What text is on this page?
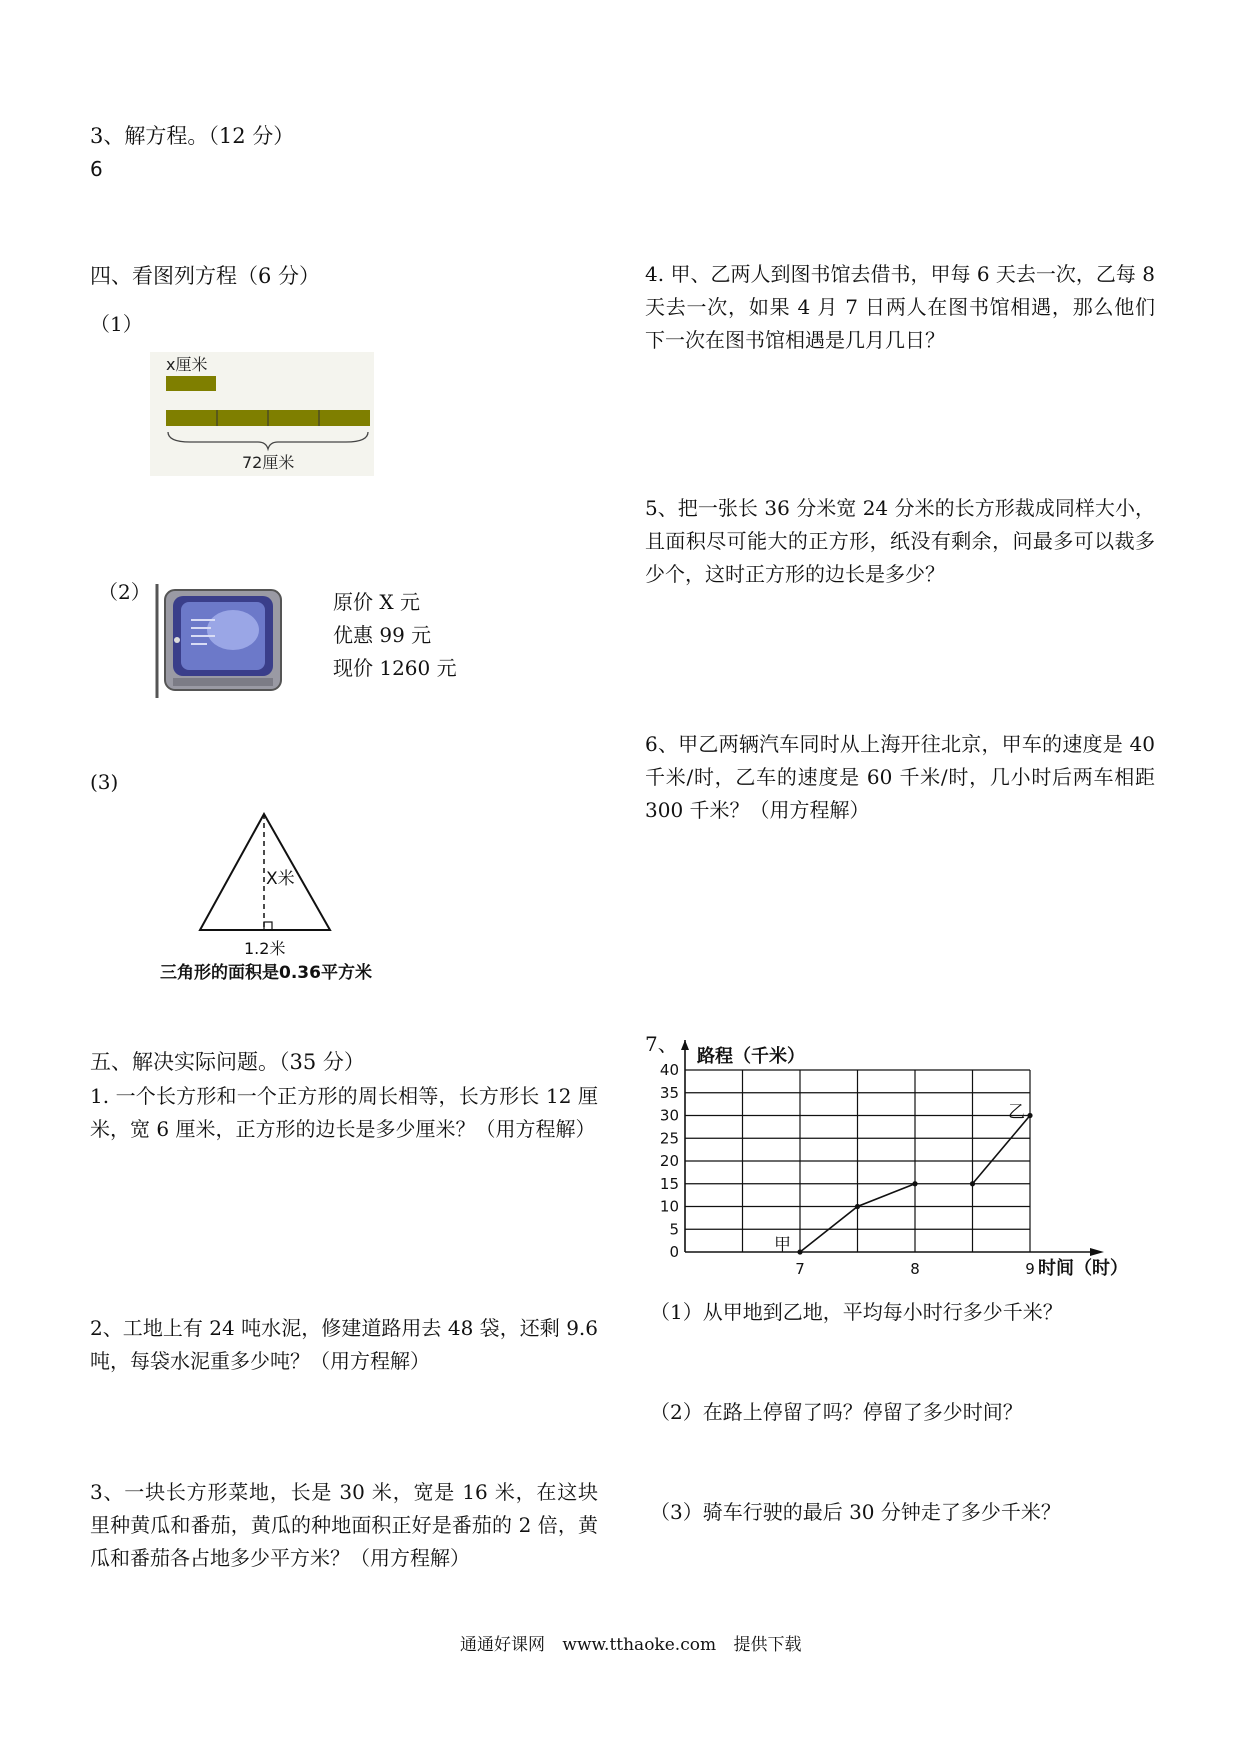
3、解方程。（12 分）
6
四、看图列方程（6 分）
（1）
x厘米
72厘米
（2）	原价 X 元
优惠 99 元
现价 1260 元
(3)
X米
1.2米
三角形的面积是0.36平方米
五、解决实际问题。（35 分）
1. 一个长方形和一个正方形的周长相等，长方形长 12 厘米，宽 6 厘米，正方形的边长是多少厘米？（用方程解）
2、工地上有 24 吨水泥，修建道路用去 48 袋，还剩 9.6 吨，每袋水泥重多少吨？（用方程解）
3、一块长方形菜地，长是 30 米，宽是 16 米，在这块里种黄瓜和番茄，黄瓜的种地面积正好是番茄的 2 倍，黄瓜和番茄各占地多少平方米？（用方程解）
4. 甲、乙两人到图书馆去借书，甲每 6 天去一次，乙每 8 天去一次，如果 4 月 7 日两人在图书馆相遇，那么他们下一次在图书馆相遇是几月几日？
5、把一张长 36 分米宽 24 分米的长方形裁成同样大小，且面积尽可能大的正方形，纸没有剩余，问最多可以裁多少个，这时正方形的边长是多少？
6、甲乙两辆汽车同时从上海开往北京，甲车的速度是 40 千米/时，乙车的速度是 60 千米/时，几小时后两车相距 300 千米？（用方程解）
7、
0
5
10
15
20
25
30
35
40
7	8	9
路程（千米）
时间（时）
甲
乙
（1）从甲地到乙地，平均每小时行多少千米？
（2）在路上停留了吗？停留了多少时间？
（3）骑车行驶的最后 30 分钟走了多少千米？
通通好课网 www.tthaoke.com 提供下载
